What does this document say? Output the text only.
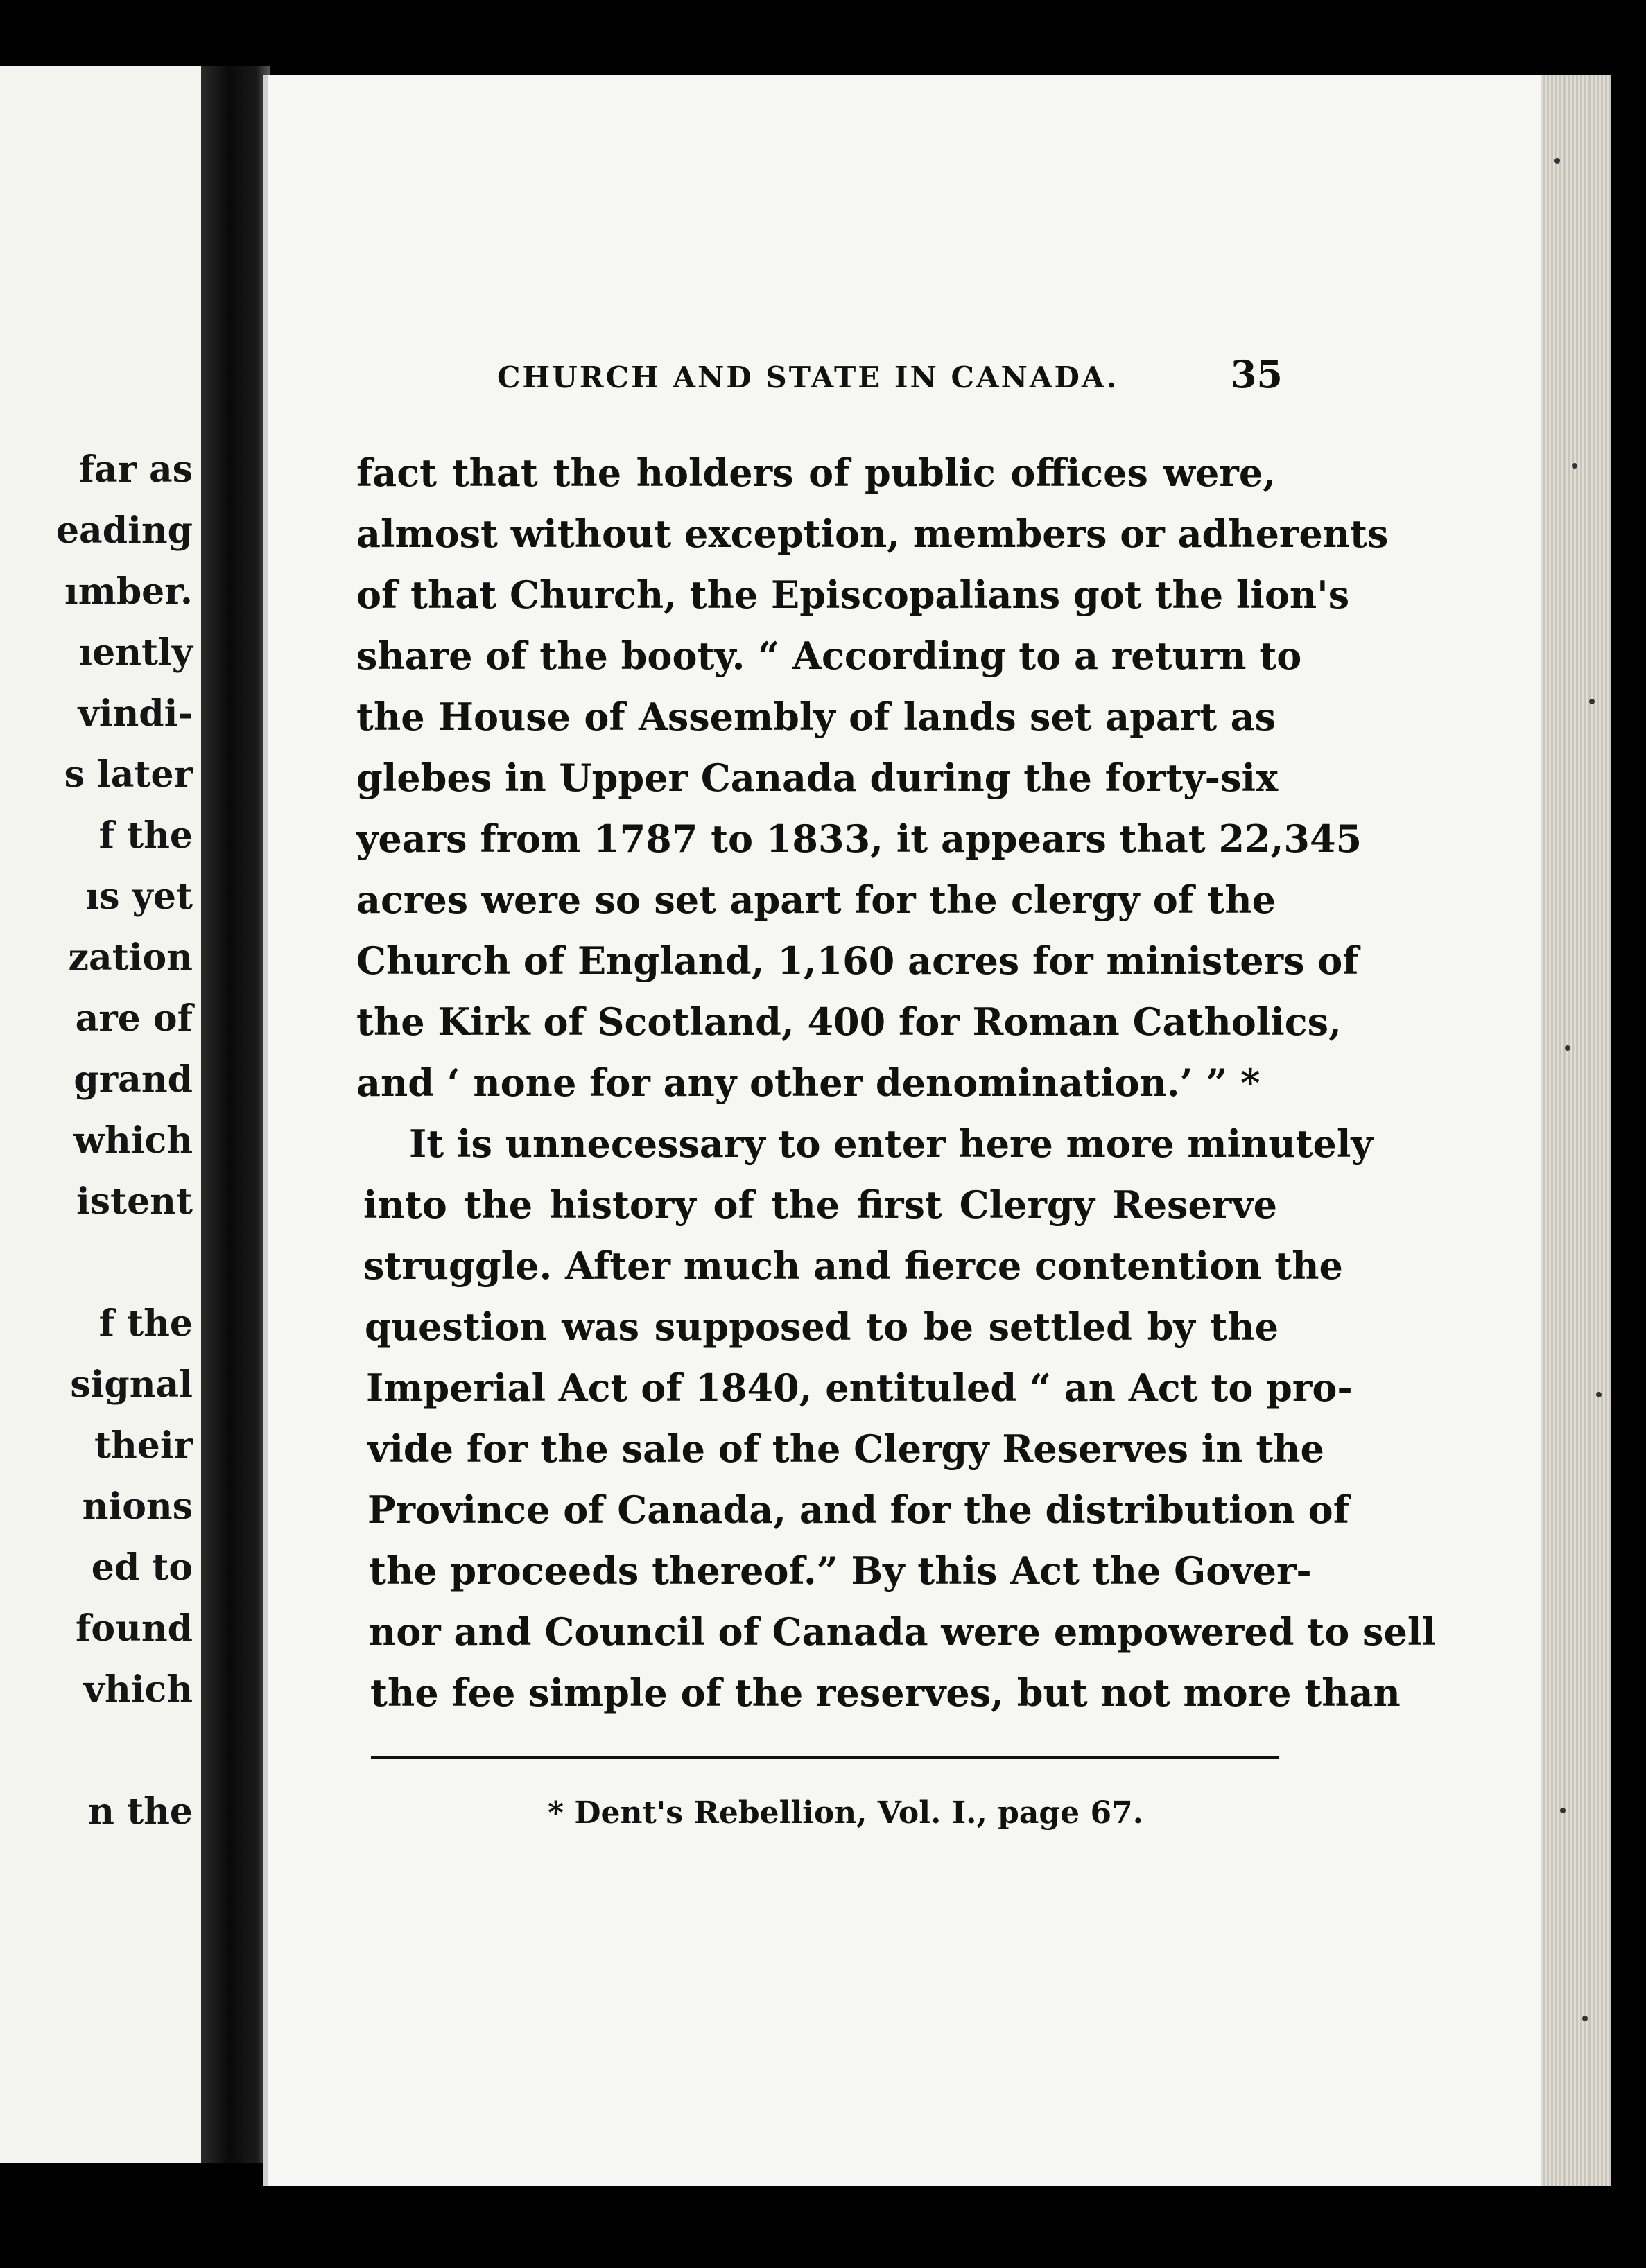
far as
eading
ımber.
ıently
vindi-
s later
f the
ıs yet
zation
are of
grand
which
istent
f the
signal
their
nions
ed to
found
vhich
n the
CHURCH AND STATE IN CANADA.	35
fact that the holders of public offices were,
almost without exception, members or adherents
of that Church, the Episcopalians got the lion's
share of the booty. “ According to a return to
the House of Assembly of lands set apart as
glebes in Upper Canada during the forty-six
years from 1787 to 1833, it appears that 22,345
acres were so set apart for the clergy of the
Church of England, 1,160 acres for ministers of
the Kirk of Scotland, 400 for Roman Catholics,
and ‘ none for any other denomination.’ ” *
It is unnecessary to enter here more minutely
into the history of the first Clergy Reserve
struggle. After much and fierce contention the
question was supposed to be settled by the
Imperial Act of 1840, entituled “ an Act to pro-
vide for the sale of the Clergy Reserves in the
Province of Canada, and for the distribution of
the proceeds thereof.” By this Act the Gover-
nor and Council of Canada were empowered to sell
the fee simple of the reserves, but not more than
* Dent's Rebellion, Vol. I., page 67.
